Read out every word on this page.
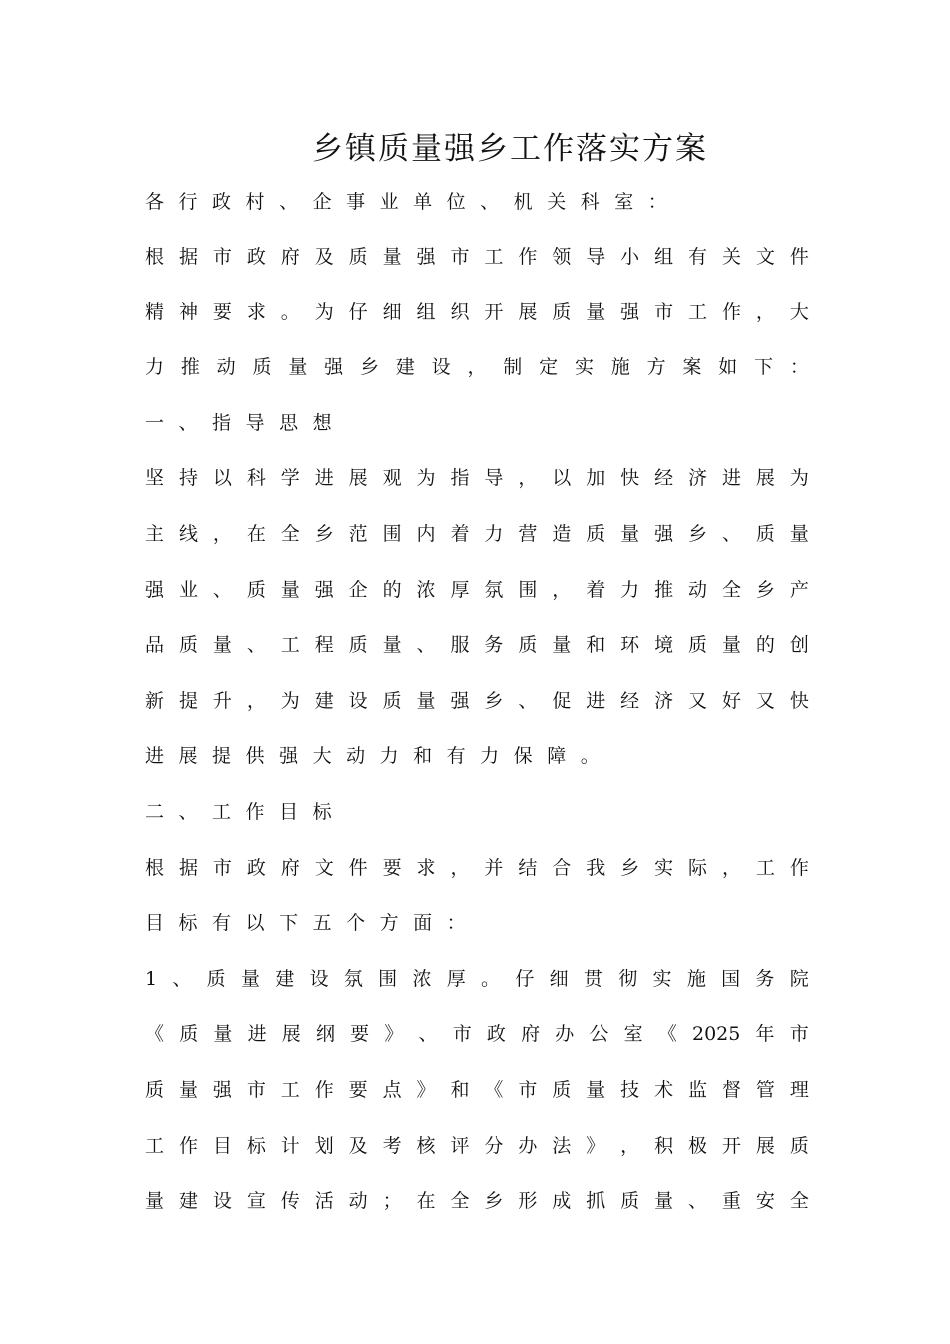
乡镇质量强乡工作落实方案
各 行 政 村 、 企 事 业 单 位 、 机 关 科 室 ：
根 据 市 政 府 及 质 量 强 市 工 作 领 导 小 组 有 关 文 件
精 神 要 求 。 为 仔 细 组 织 开 展 质 量 强 市 工 作 ， 大
力 推 动 质 量 强 乡 建 设 ， 制 定 实 施 方 案 如 下 ：
一 、 指 导 思 想
坚 持 以 科 学 进 展 观 为 指 导 ， 以 加 快 经 济 进 展 为
主 线 ， 在 全 乡 范 围 内 着 力 营 造 质 量 强 乡 、 质 量
强 业 、 质 量 强 企 的 浓 厚 氛 围 ， 着 力 推 动 全 乡 产
品 质 量 、 工 程 质 量 、 服 务 质 量 和 环 境 质 量 的 创
新 提 升 ， 为 建 设 质 量 强 乡 、 促 进 经 济 又 好 又 快
进 展 提 供 强 大 动 力 和 有 力 保 障 。
二 、 工 作 目 标
根 据 市 政 府 文 件 要 求 ， 并 结 合 我 乡 实 际 ， 工 作
目 标 有 以 下 五 个 方 面 ：
1 、 质 量 建 设 氛 围 浓 厚 。 仔 细 贯 彻 实 施 国 务 院
《 质 量 进 展 纲 要 》 、 市 政 府 办 公 室 《 2025 年 市
质 量 强 市 工 作 要 点 》 和 《 市 质 量 技 术 监 督 管 理
工 作 目 标 计 划 及 考 核 评 分 办 法 》 ， 积 极 开 展 质
量 建 设 宣 传 活 动 ； 在 全 乡 形 成 抓 质 量 、 重 安 全
